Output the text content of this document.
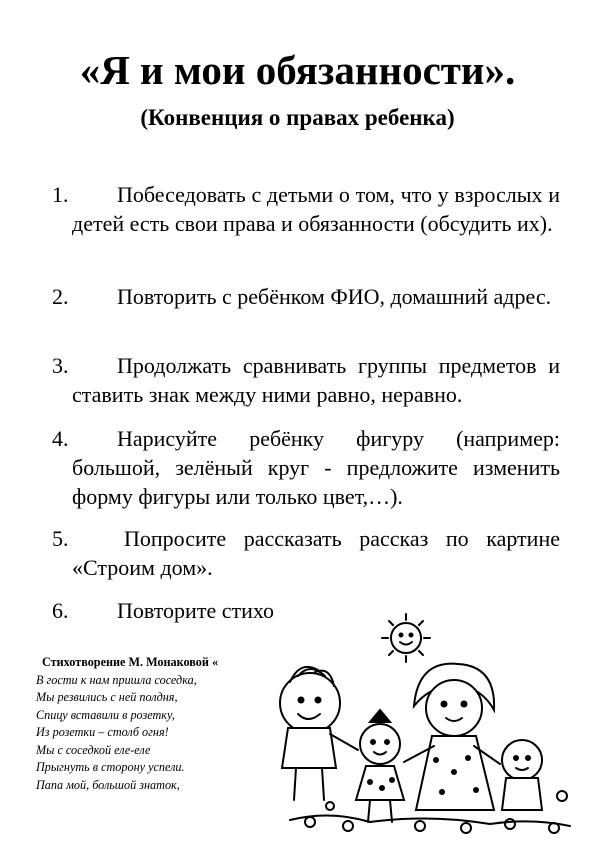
«Я и мои обязанности».
(Конвенция о правах ребенка)
1.	Побеседовать с детьми о том, что у взрослых и детей есть свои права и обязанности (обсудить их).
2.	Повторить с ребёнком ФИО, домашний адрес.
3.	Продолжать сравнивать группы предметов и ставить знак между ними равно, неравно.
4.	Нарисуйте ребёнку фигуру (например: большой, зелёный круг - предложите изменить форму фигуры или только цвет,…).
5.	Попросите рассказать рассказ по картине «Строим дом».
6.	Повторите стихо
Стихотворение М. Монаковой «
В гости к нам пришла соседка,
Мы резвились с ней полдня,
Спицу вставили в розетку,
Из розетки – столб огня!
Мы с соседкой еле-еле
Прыгнуть в сторону успели.
Папа мой, большой знаток,
